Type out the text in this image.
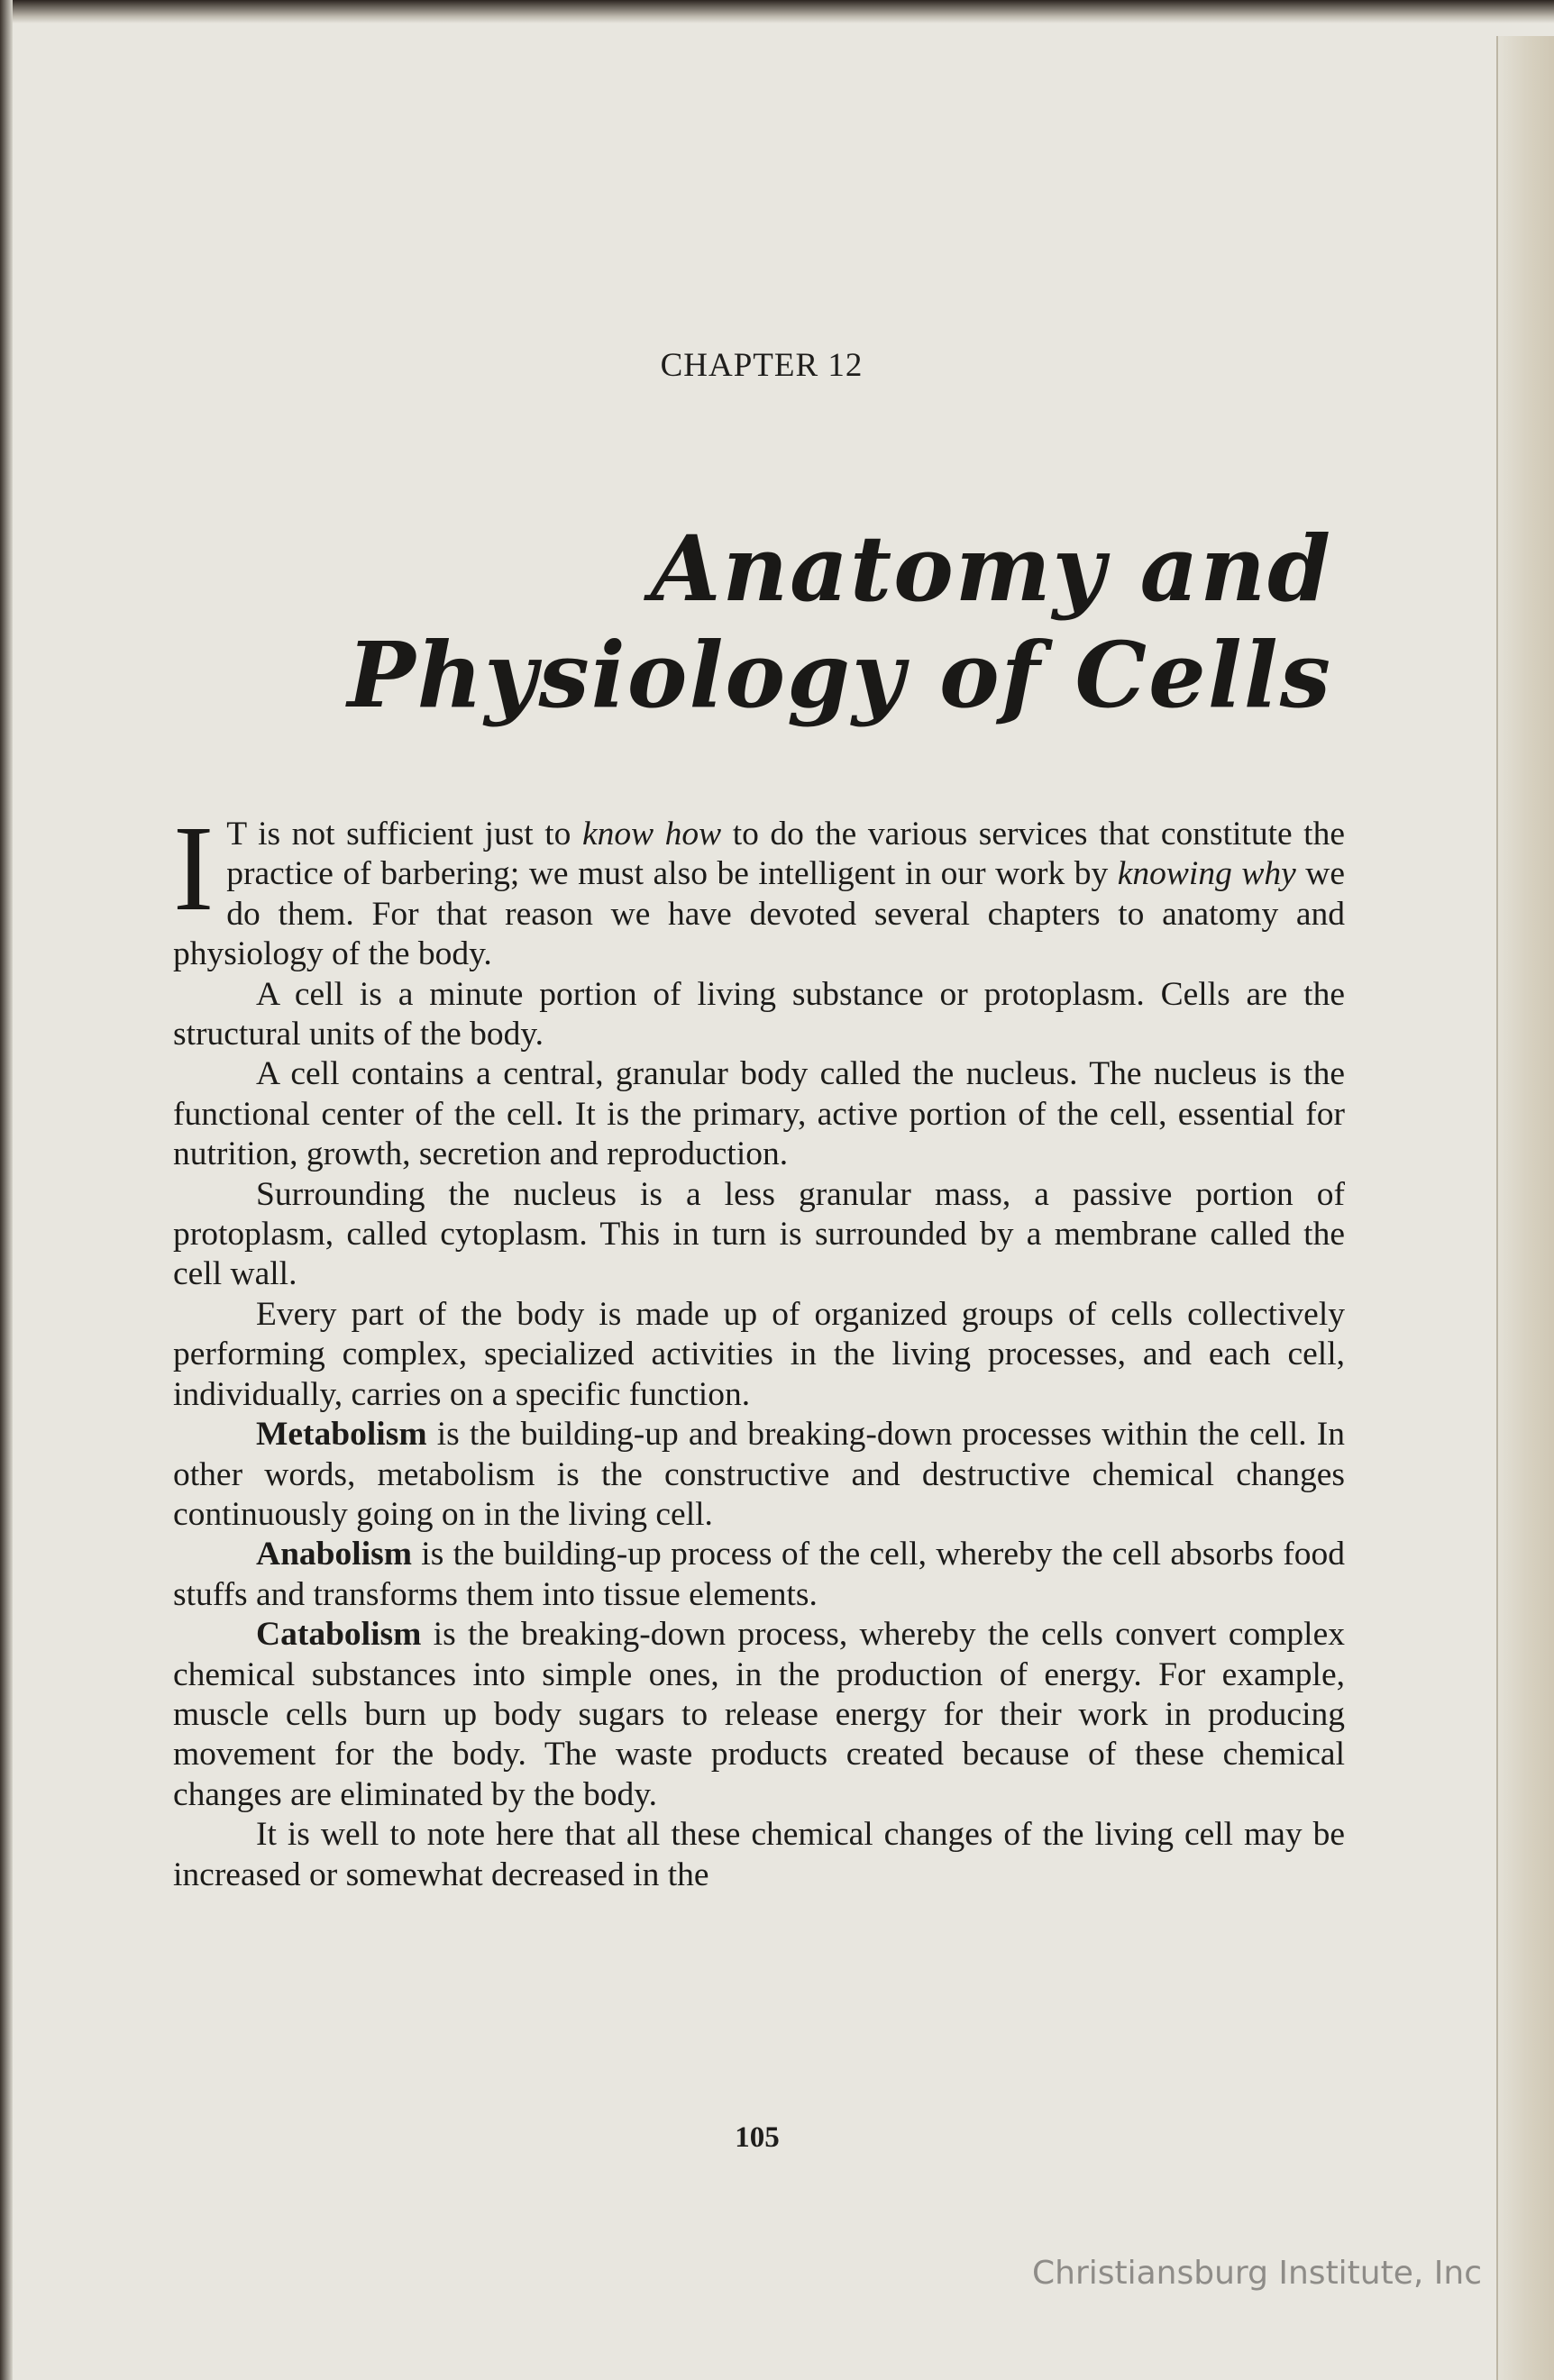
CHAPTER 12
Anatomy and
Physiology of Cells

I T is not sufficient just to know how to do the various services that constitute the practice of barbering; we must also be intelligent in our work by knowing why we do them. For that reason we have devoted several chapters to anatomy and physiology of the body.

A cell is a minute portion of living substance or protoplasm. Cells are the structural units of the body.

A cell contains a central, granular body called the nucleus. The nucleus is the functional center of the cell. It is the primary, active portion of the cell, essential for nutrition, growth, secretion and reproduction.

Surrounding the nucleus is a less granular mass, a passive portion of protoplasm, called cytoplasm. This in turn is surrounded by a membrane called the cell wall.

Every part of the body is made up of organized groups of cells collectively performing complex, specialized activities in the living processes, and each cell, individually, carries on a specific function.

Metabolism is the building-up and breaking-down processes within the cell. In other words, metabolism is the constructive and destructive chemical changes continuously going on in the living cell.

Anabolism is the building-up process of the cell, whereby the cell absorbs food stuffs and transforms them into tissue elements.

Catabolism is the breaking-down process, whereby the cells convert complex chemical substances into simple ones, in the production of energy. For example, muscle cells burn up body sugars to release energy for their work in producing movement for the body. The waste products created because of these chemical changes are eliminated by the body.

It is well to note here that all these chemical changes of the living cell may be increased or somewhat decreased in the

105
Christiansburg Institute, Inc
